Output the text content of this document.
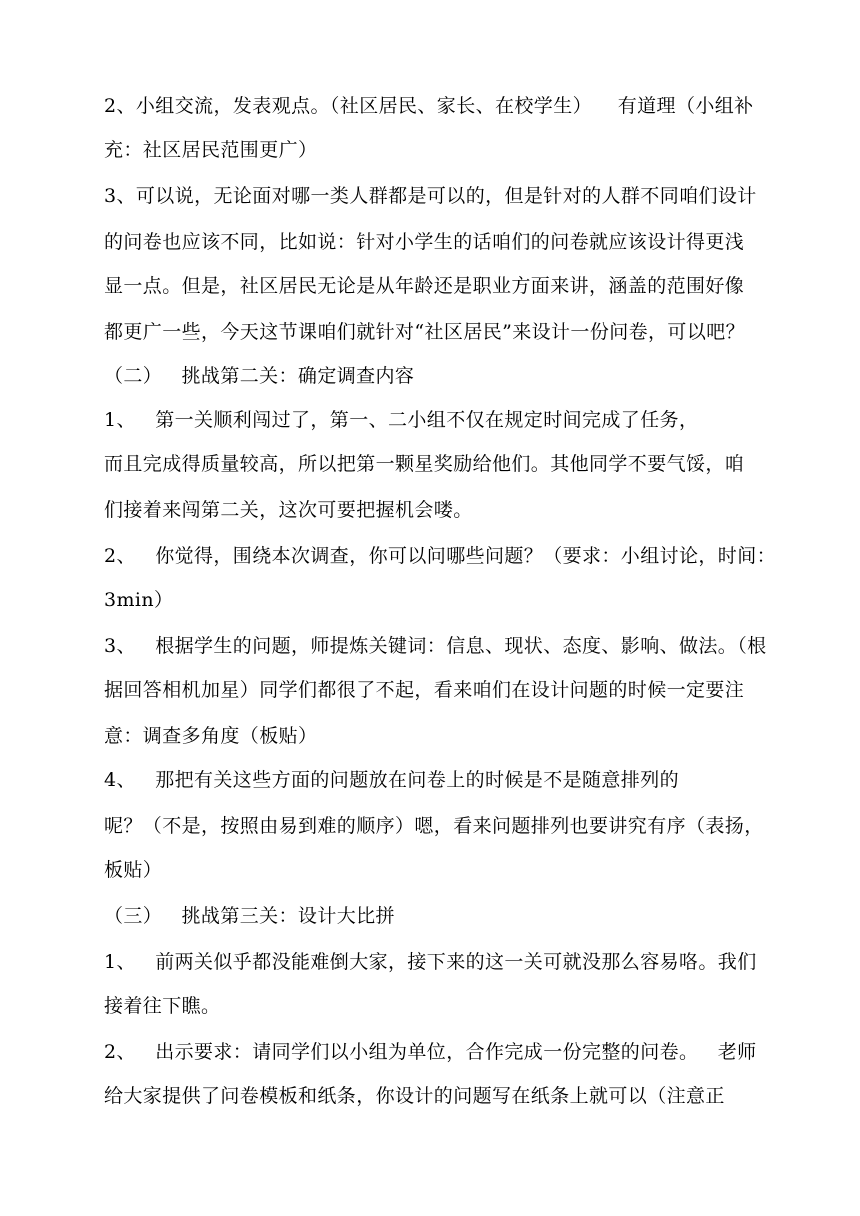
2、小组交流，发表观点。（社区居民、家长、在校学生）    有道理（小组补
充：社区居民范围更广）
3、可以说，无论面对哪一类人群都是可以的，但是针对的人群不同咱们设计
的问卷也应该不同，比如说：针对小学生的话咱们的问卷就应该设计得更浅
显一点。但是，社区居民无论是从年龄还是职业方面来讲，涵盖的范围好像
都更广一些，今天这节课咱们就针对“社区居民”来设计一份问卷，可以吧？
（二）   挑战第二关：确定调查内容
1、   第一关顺利闯过了，第一、二小组不仅在规定时间完成了任务，
而且完成得质量较高，所以把第一颗星奖励给他们。其他同学不要气馁，咱
们接着来闯第二关，这次可要把握机会喽。
2、   你觉得，围绕本次调查，你可以问哪些问题？（要求：小组讨论，时间：
3min）
3、   根据学生的问题，师提炼关键词：信息、现状、态度、影响、做法。（根
据回答相机加星）同学们都很了不起，看来咱们在设计问题的时候一定要注
意：调查多角度（板贴）
4、   那把有关这些方面的问题放在问卷上的时候是不是随意排列的
呢？（不是，按照由易到难的顺序）嗯，看来问题排列也要讲究有序（表扬，
板贴）
（三）   挑战第三关：设计大比拼
1、   前两关似乎都没能难倒大家，接下来的这一关可就没那么容易咯。我们
接着往下瞧。
2、   出示要求：请同学们以小组为单位，合作完成一份完整的问卷。   老师
给大家提供了问卷模板和纸条，你设计的问题写在纸条上就可以（注意正
